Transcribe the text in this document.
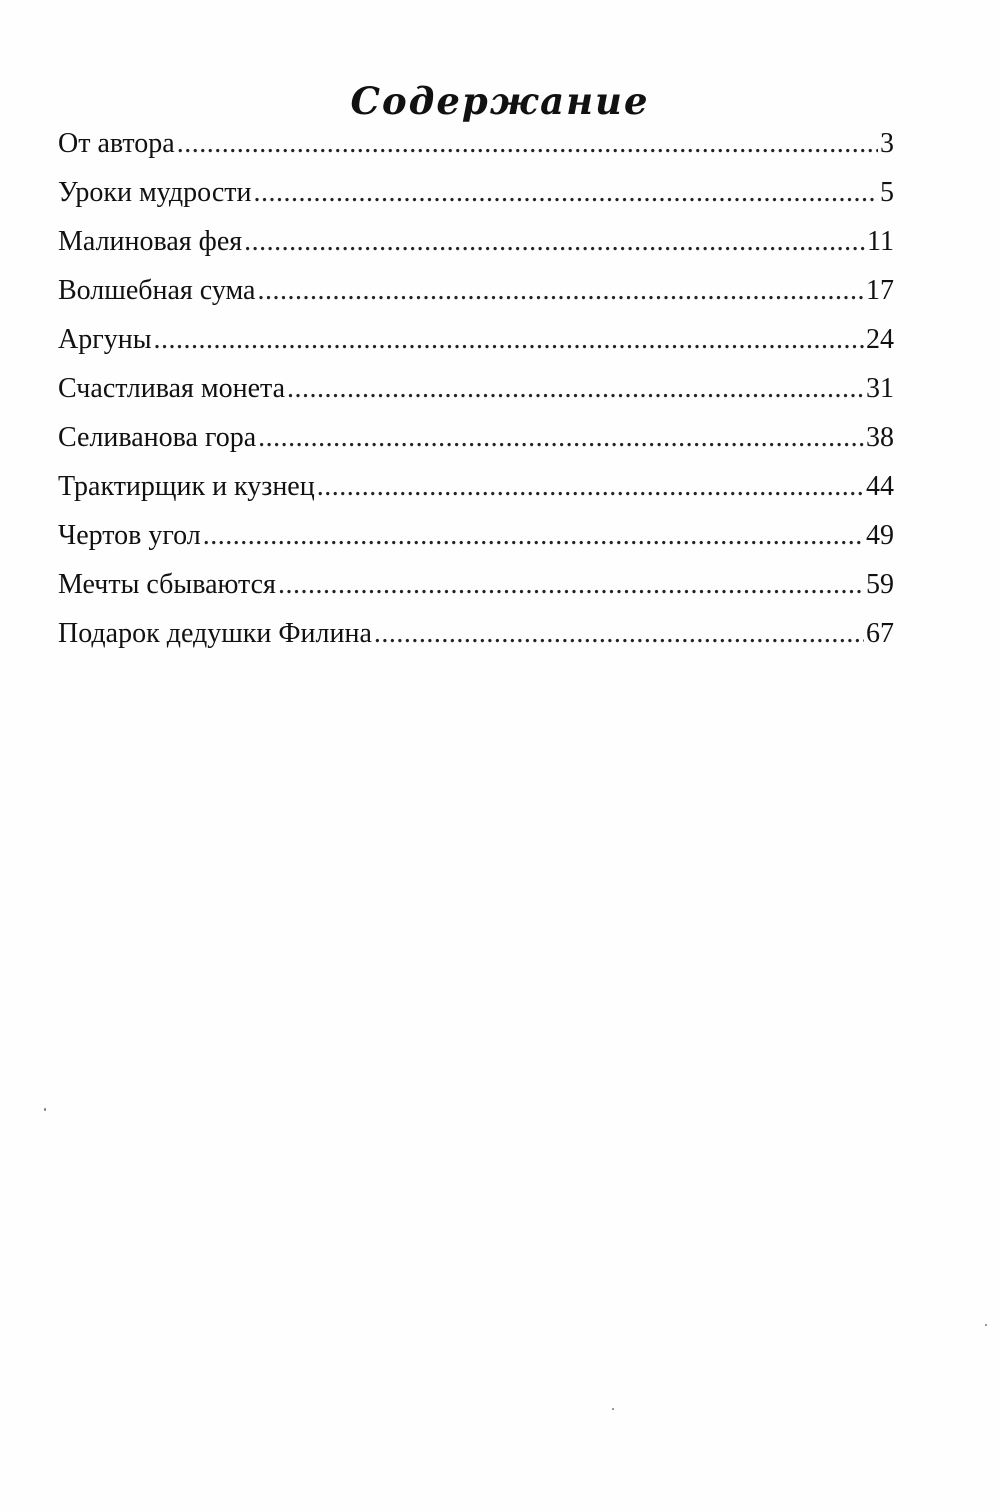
Содержание
От автора .....	3
Уроки мудрости .....	5
Малиновая фея .....	11
Волшебная сума .....	17
Аргуны .....	24
Счастливая монета .....	31
Селиванова гора .....	38
Трактирщик и кузнец .....	44
Чертов угол .....	49
Мечты сбываются .....	59
Подарок дедушки Филина .....	67
